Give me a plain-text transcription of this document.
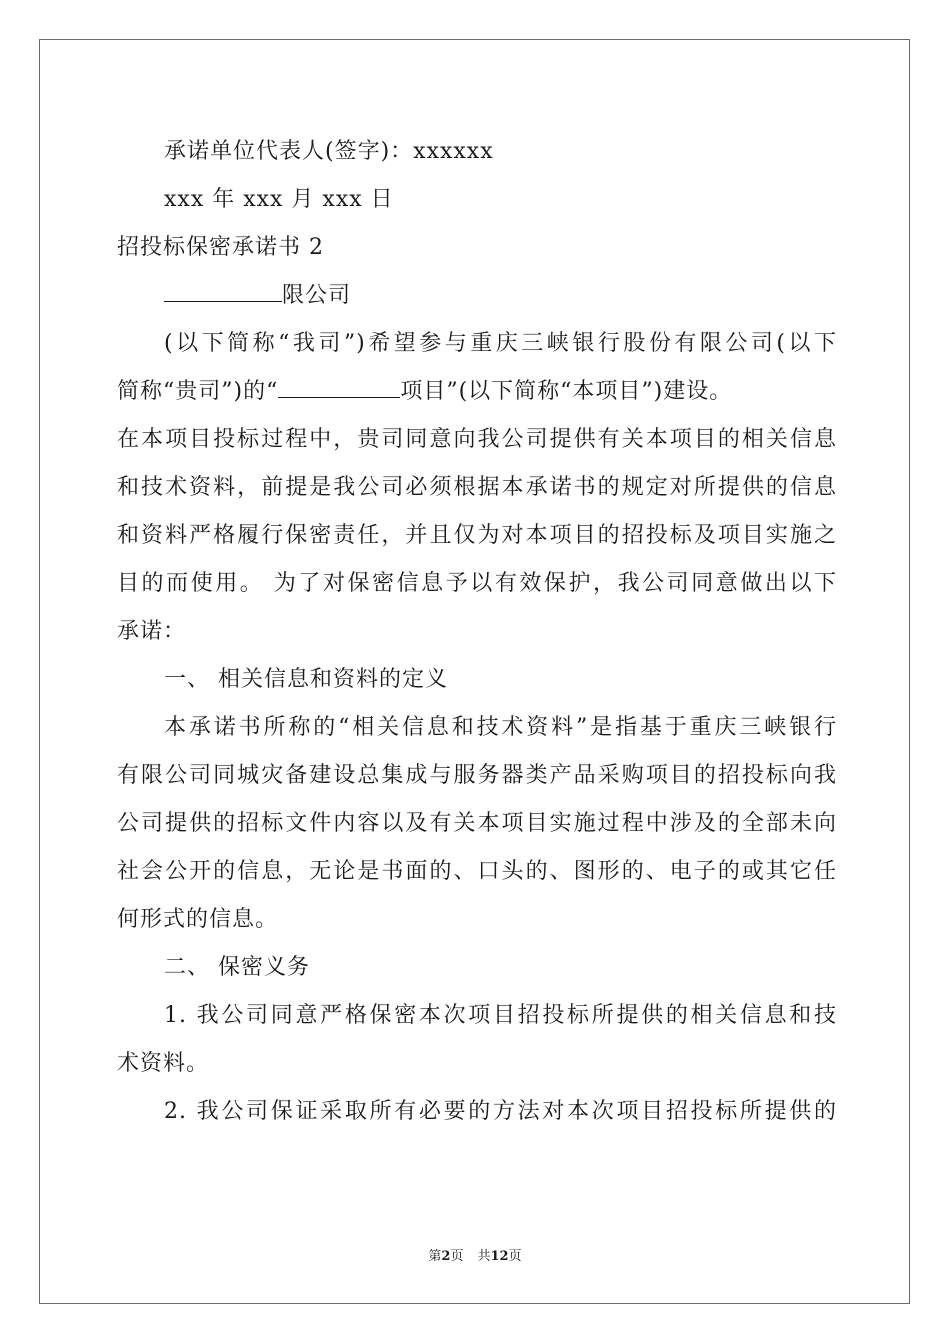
承诺单位代表人(签字)：xxxxxx

xxx 年 xxx 月 xxx 日

招投标保密承诺书 2

限公司

(以下简称“我司”)希望参与重庆三峡银行股份有限公司(以下

简称“贵司”)的“	项目”(以下简称“本项目”)建设。

在本项目投标过程中，贵司同意向我公司提供有关本项目的相关信息

和技术资料，前提是我公司必须根据本承诺书的规定对所提供的信息

和资料严格履行保密责任，并且仅为对本项目的招投标及项目实施之

目的而使用。 为了对保密信息予以有效保护，我公司同意做出以下

承诺：

一、 相关信息和资料的定义

本承诺书所称的“相关信息和技术资料”是指基于重庆三峡银行

有限公司同城灾备建设总集成与服务器类产品采购项目的招投标向我

公司提供的招标文件内容以及有关本项目实施过程中涉及的全部未向

社会公开的信息，无论是书面的、口头的、图形的、电子的或其它任

何形式的信息。

二、 保密义务

1. 我公司同意严格保密本次项目招投标所提供的相关信息和技

术资料。

2. 我公司保证采取所有必要的方法对本次项目招投标所提供的

第2页 共12页
